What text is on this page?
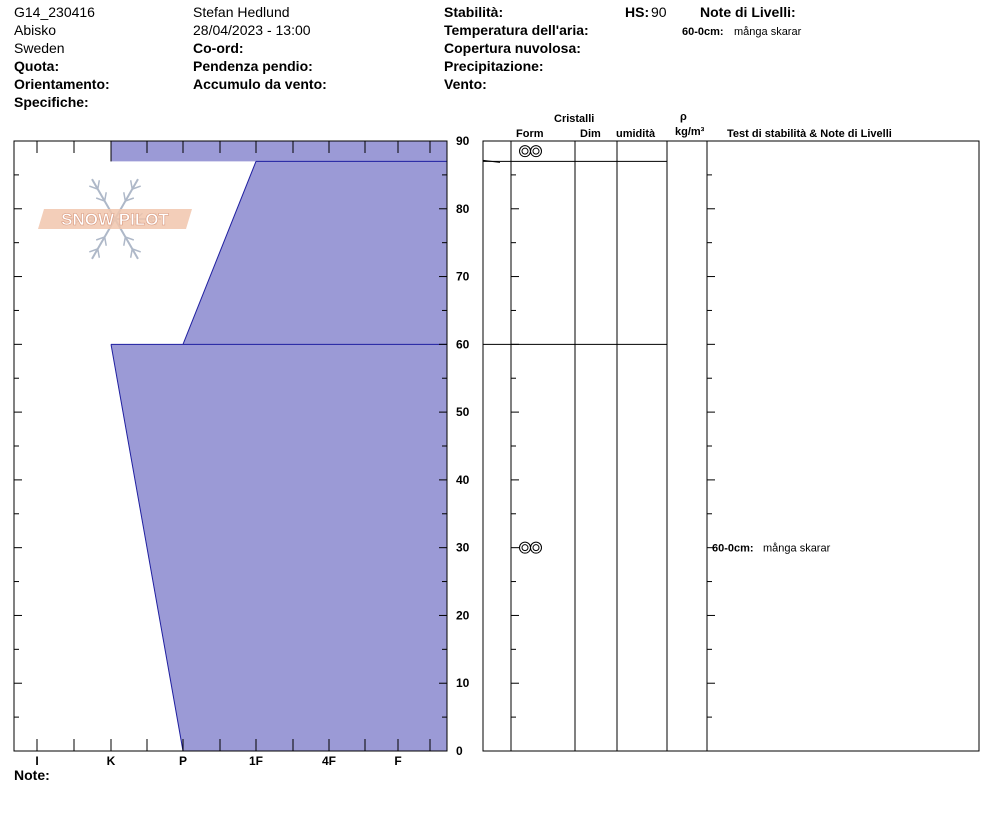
G14_230416
Abisko
Sweden
Quota:
Orientamento:
Specifiche:
Stefan Hedlund
28/04/2023 - 13:00
Co-ord:
Pendenza pendio:
Accumulo da vento:
Stabilità:
Temperatura dell'aria:
Copertura nuvolosa:
Precipitazione:
Vento:
HS: 90 Note di Livelli:
60-0cm: många skarar
Cristalli
Form	Dim umidità
ρ
kg/m³ Test di stabilità & Note di Livelli
Note:
SNOW PILOT
0
10
20
30
40
50
60
70
80
90
I	K	P	1F	4F	F
60-0cm: många skarar
